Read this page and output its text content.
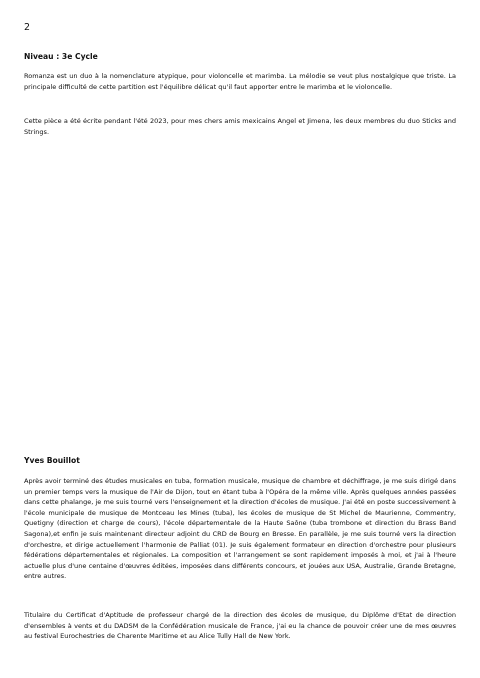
2
Niveau : 3e Cycle

Romanza est un duo à la nomenclature atypique, pour violoncelle et marimba. La mélodie se veut plus nostalgique que triste. La principale difficulté de cette partition est l'équilibre délicat qu'il faut apporter entre le marimba et le violoncelle.

Cette pièce a été écrite pendant l'été 2023, pour mes chers amis mexicains Angel et Jimena, les deux membres du duo Sticks and Strings.

Yves Bouillot

Après avoir terminé des études musicales en tuba, formation musicale, musique de chambre et déchiffrage, je me suis dirigé dans un premier temps vers la musique de l'Air de Dijon, tout en étant tuba à l'Opéra de la même ville. Après quelques années passées dans cette phalange, je me suis tourné vers l'enseignement et la direction d'écoles de musique. J'ai été en poste successivement à l'école municipale de musique de Montceau les Mines (tuba), les écoles de musique de St Michel de Maurienne, Commentry, Quetigny (direction et charge de cours), l'école départementale de la Haute Saône (tuba trombone et direction du Brass Band Sagona),et enfin je suis maintenant directeur adjoint du CRD de Bourg en Bresse. En parallèle, je me suis tourné vers la direction d'orchestre, et dirige actuellement l'harmonie de Palliat (01). Je suis également formateur en direction d'orchestre pour plusieurs fédérations départementales et régionales. La composition et l'arrangement se sont rapidement imposés à moi, et j'ai à l'heure actuelle plus d'une centaine d'œuvres éditées, imposées dans différents concours, et jouées aux USA, Australie, Grande Bretagne, entre autres.

Titulaire du Certificat d'Aptitude de professeur chargé de la direction des écoles de musique, du Diplôme d'Etat de direction d'ensembles à vents et du DADSM de la Confédération musicale de France, j'ai eu la chance de pouvoir créer une de mes œuvres au festival Eurochestries de Charente Maritime et au Alice Tully Hall de New York.
